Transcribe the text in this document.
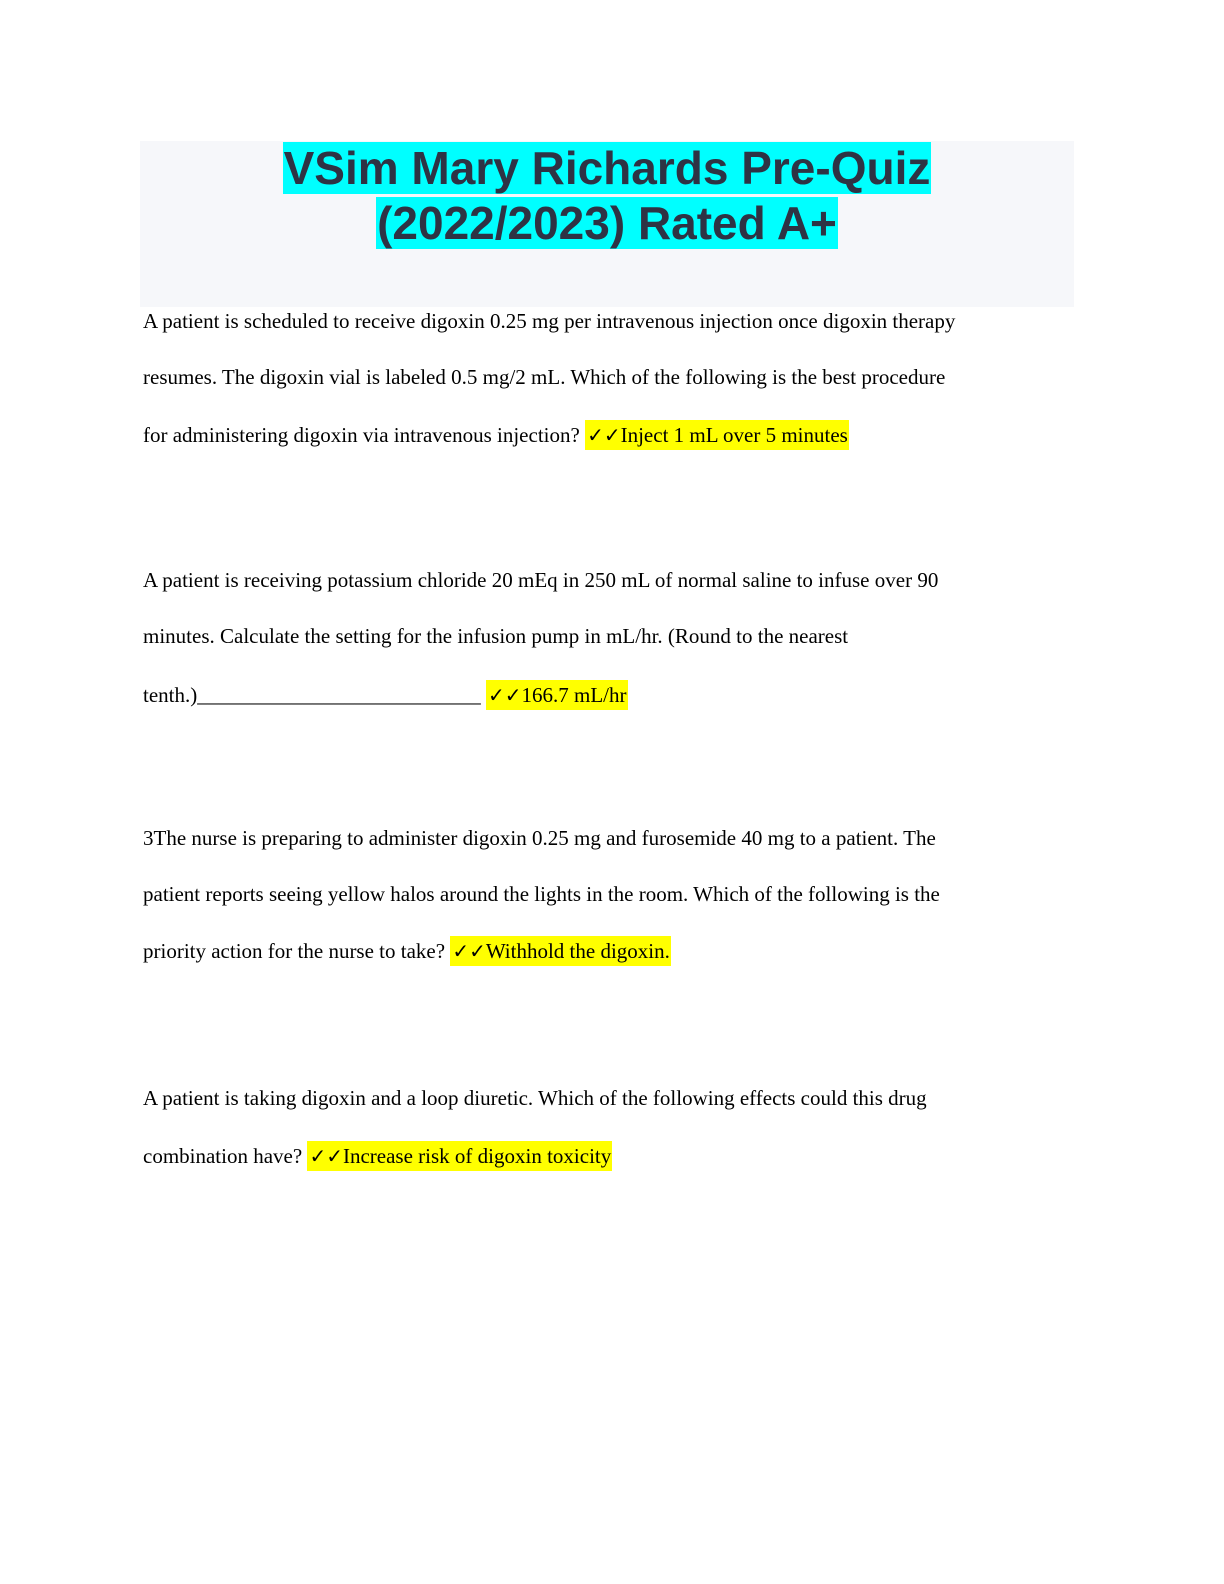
VSim Mary Richards Pre-Quiz
(2022/2023) Rated A+
A patient is scheduled to receive digoxin 0.25 mg per intravenous injection once digoxin therapy
resumes. The digoxin vial is labeled 0.5 mg/2 mL. Which of the following is the best procedure
for administering digoxin via intravenous injection? ✓✓Inject 1 mL over 5 minutes
A patient is receiving potassium chloride 20 mEq in 250 mL of normal saline to infuse over 90
minutes. Calculate the setting for the infusion pump in mL/hr. (Round to the nearest
tenth.)___________________________ ✓✓166.7 mL/hr
3The nurse is preparing to administer digoxin 0.25 mg and furosemide 40 mg to a patient. The
patient reports seeing yellow halos around the lights in the room. Which of the following is the
priority action for the nurse to take? ✓✓Withhold the digoxin.
A patient is taking digoxin and a loop diuretic. Which of the following effects could this drug
combination have? ✓✓Increase risk of digoxin toxicity
